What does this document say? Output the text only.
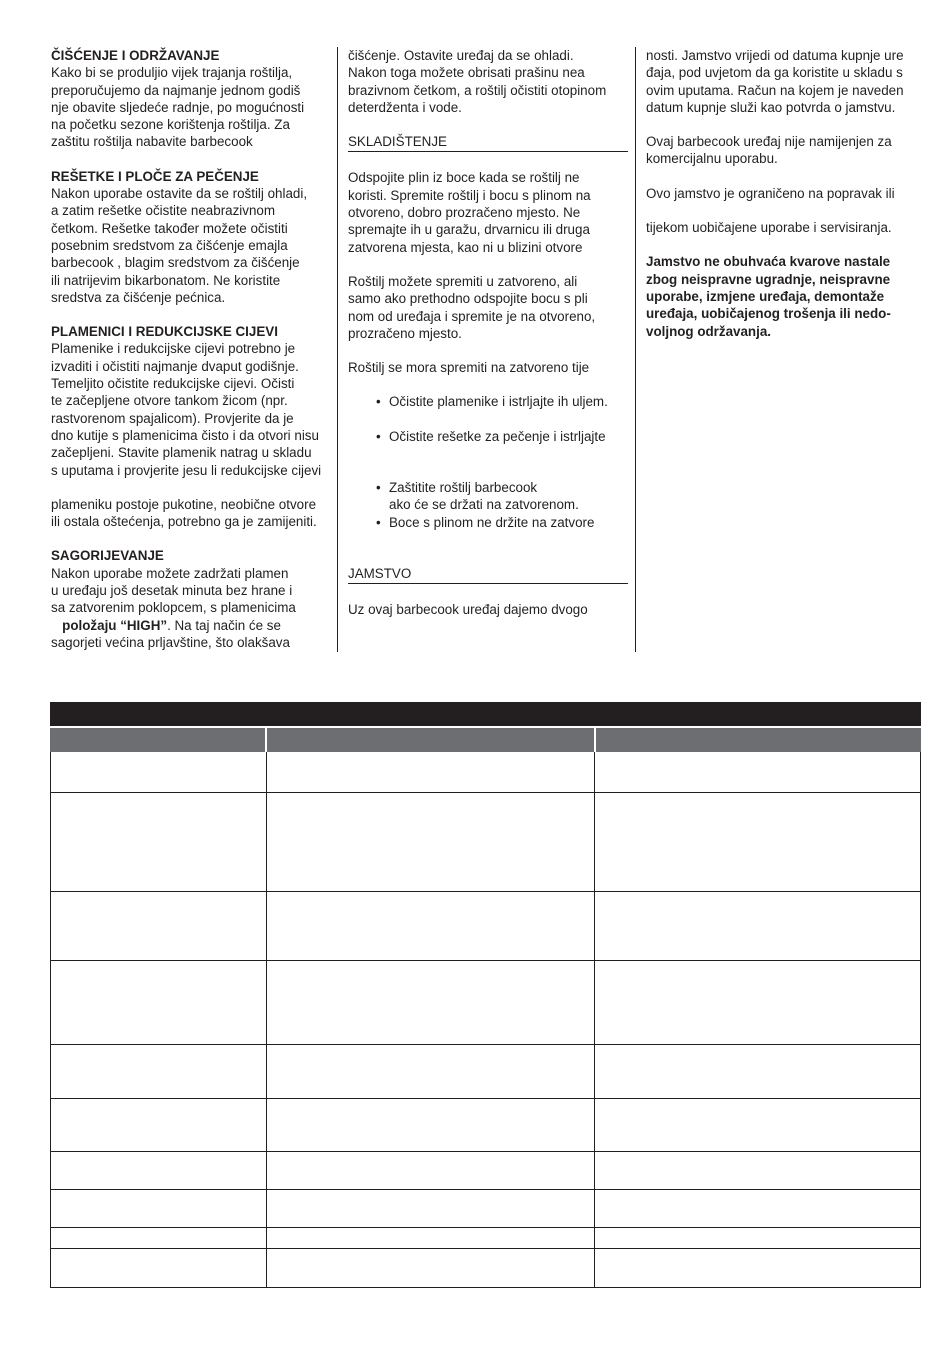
ČIŠĆENJE I ODRŽAVANJE

Kako bi se produljio vijek trajanja roštilja,
preporučujemo da najmanje jednom godiš
nje obavite sljedeće radnje, po mogućnosti
na početku sezone korištenja roštilja. Za
zaštitu roštilja nabavite barbecook

REŠETKE I PLOČE ZA PEČENJE

Nakon uporabe ostavite da se roštilj ohladi,
a zatim rešetke očistite neabrazivnom
četkom. Rešetke također možete očistiti
posebnim sredstvom za čišćenje emajla
barbecook , blagim sredstvom za čišćenje
ili natrijevim bikarbonatom. Ne koristite
sredstva za čišćenje pećnica.

PLAMENICI I REDUKCIJSKE CIJEVI

Plamenike i redukcijske cijevi potrebno je
izvaditi i očistiti najmanje dvaput godišnje.
Temeljito očistite redukcijske cijevi. Očisti
te začepljene otvore tankom žicom (npr.
rastvorenom spajalicom). Provjerite da je
dno kutije s plamenicima čisto i da otvori nisu
začepljeni. Stavite plamenik natrag u skladu
s uputama i provjerite jesu li redukcijske cijevi

plameniku postoje pukotine, neobične otvore
ili ostala oštećenja, potrebno ga je zamijeniti.

SAGORIJEVANJE

Nakon uporabe možete zadržati plamen
u uređaju još desetak minuta bez hrane i
sa zatvorenim poklopcem, s plamenicima

položaju “HIGH”. Na taj način će se

sagorjeti većina prljavštine, što olakšava

čišćenje. Ostavite uređaj da se ohladi.
Nakon toga možete obrisati prašinu nea
brazivnom četkom, a roštilj očistiti otopinom
deterdženta i vode.

SKLADIŠTENJE

Odspojite plin iz boce kada se roštilj ne
koristi. Spremite roštilj i bocu s plinom na
otvoreno, dobro prozračeno mjesto. Ne
spremajte ih u garažu, drvarnicu ili druga
zatvorena mjesta, kao ni u blizini otvore

Roštilj možete spremiti u zatvoreno, ali
samo ako prethodno odspojite bocu s pli
nom od uređaja i spremite je na otvoreno,
prozračeno mjesto.

Roštilj se mora spremiti na zatvoreno tije

• Očistite plamenike i istrljajte ih uljem.
• Očistite rešetke za pečenje i istrljajte
• Zaštitite roštilj barbecook
ako će se držati na zatvorenom.
• Boce s plinom ne držite na zatvore

JAMSTVO

Uz ovaj barbecook uređaj dajemo dvogo

nosti. Jamstvo vrijedi od datuma kupnje ure
đaja, pod uvjetom da ga koristite u skladu s
ovim uputama. Račun na kojem je naveden
datum kupnje služi kao potvrda o jamstvu.

Ovaj barbecook uređaj nije namijenjen za
komercijalnu uporabu.

Ovo jamstvo je ograničeno na popravak ili

tijekom uobičajene uporabe i servisiranja.

Jamstvo ne obuhvaća kvarove nastale
zbog neispravne ugradnje, neispravne
uporabe, izmjene uređaja, demontaže
uređaja, uobičajenog trošenja ili nedo-
voljnog održavanja.
